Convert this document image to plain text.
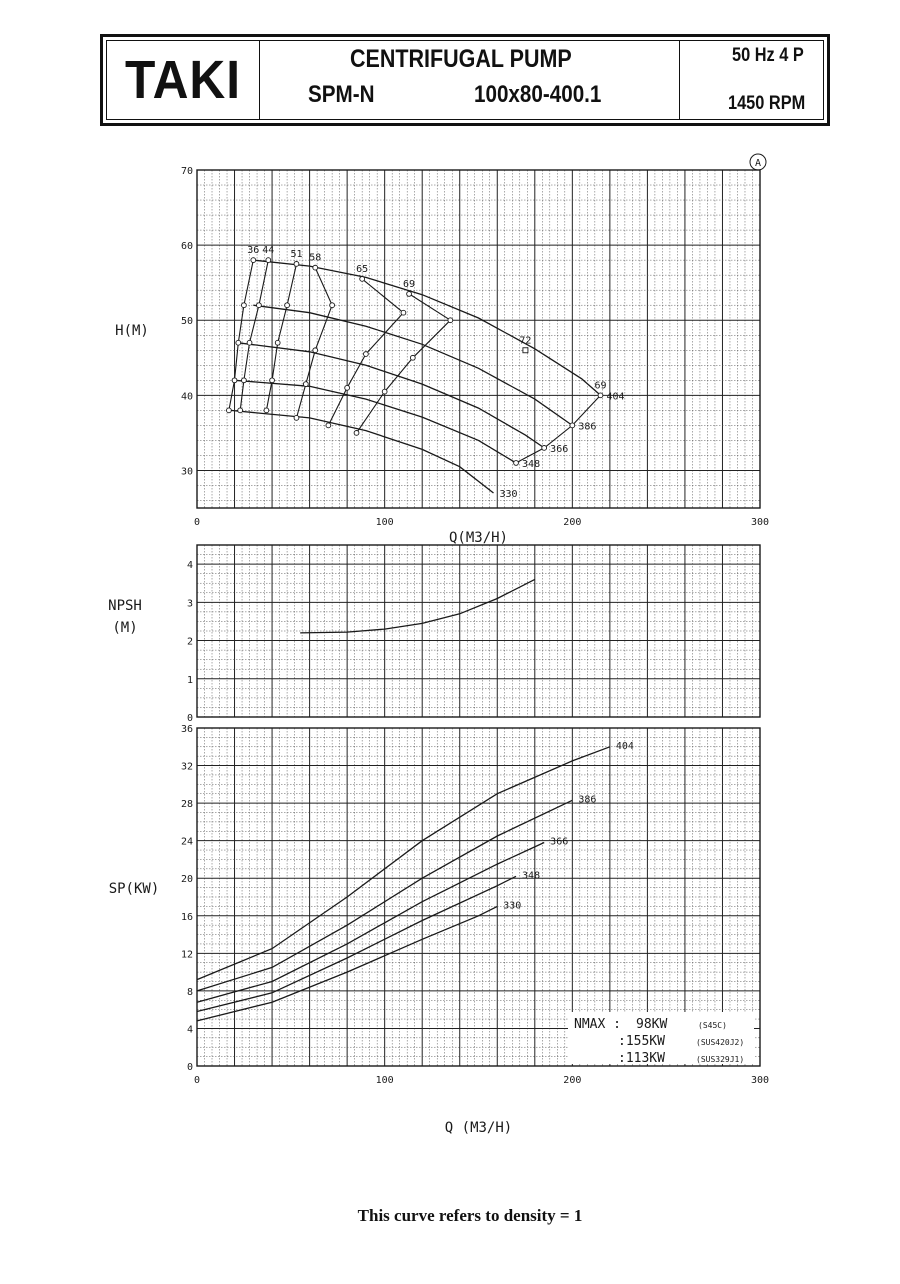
TAKI	CENTRIFUGAL PUMP
SPM-N	100x80-400.1
50 Hz 4 P
1450 RPM
30
40
50
60
70
0	100	200	300
H(M)
Q(M3/H)
36 44 51 58
65
69
72
69
404
386
366
348
330
A
0
1
2
3
4
NPSH
(M)
0
4
8
12
16
20
24
28
32
36
0	100	200	300
SP(KW)
Q (M3/H)
404
386
366
348
330
NMAX : 98KW	(S45C)
:155KW	(SUS420J2)
:113KW	(SUS329J1)
This curve refers to density = 1
